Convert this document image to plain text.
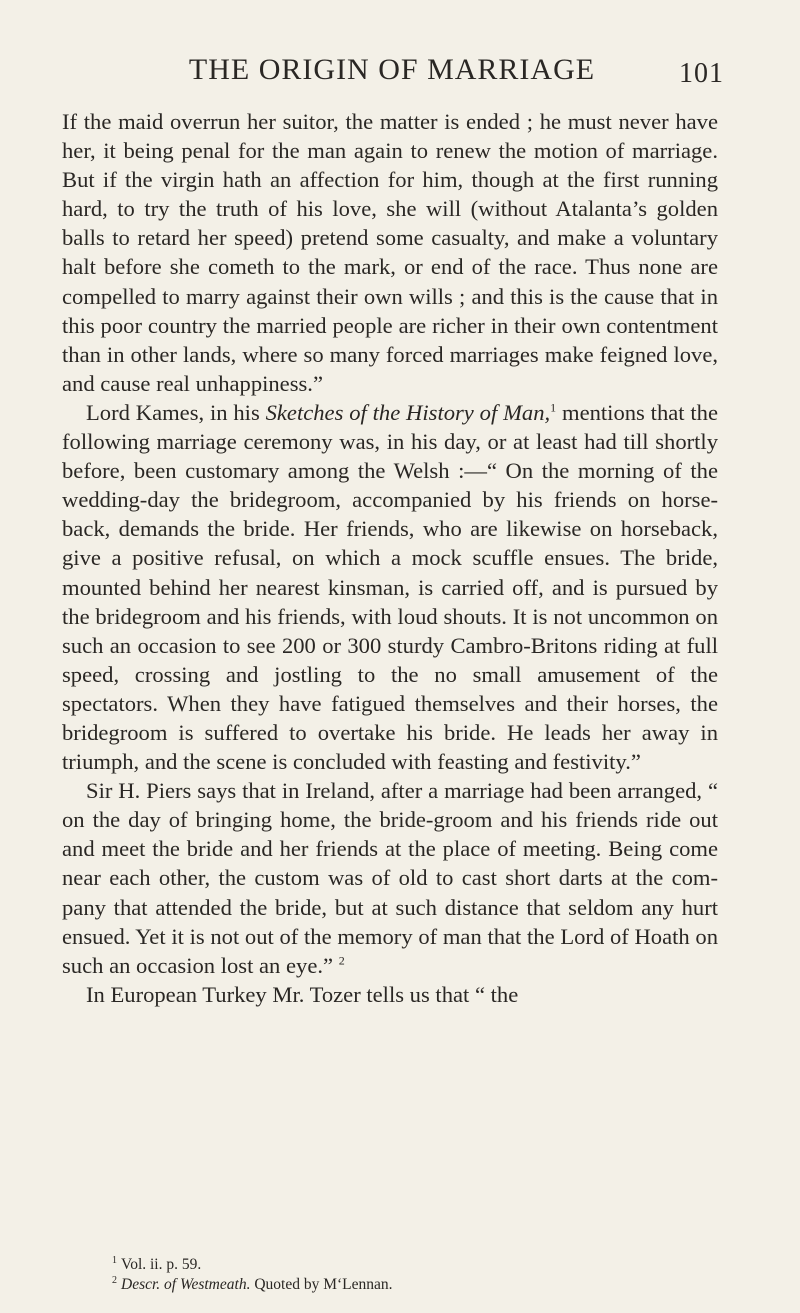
THE ORIGIN OF MARRIAGE	101

If the maid overrun her suitor, the matter is ended ; he must never have her, it being penal for the man again to renew the motion of marriage. But if the virgin hath an affection for him, though at the first running hard, to try the truth of his love, she will (without Atalanta’s golden balls to retard her speed) pretend some casualty, and make a voluntary halt before she cometh to the mark, or end of the race. Thus none are compelled to marry against their own wills ; and this is the cause that in this poor country the married people are richer in their own contentment than in other lands, where so many forced marriages make feigned love, and cause real unhappiness.”

Lord Kames, in his Sketches of the History of Man,$^1$ mentions that the following marriage ceremony was, in his day, or at least had till shortly before, been customary among the Welsh :—“ On the morning of the wedding-day the bridegroom, accompanied by his friends on horse-back, demands the bride. Her friends, who are likewise on horseback, give a positive refusal, on which a mock scuffle ensues. The bride, mounted behind her nearest kinsman, is carried off, and is pursued by the bridegroom and his friends, with loud shouts. It is not uncommon on such an occasion to see 200 or 300 sturdy Cambro-Britons riding at full speed, crossing and jostling to the no small amusement of the spectators. When they have fatigued themselves and their horses, the bridegroom is suffered to overtake his bride. He leads her away in triumph, and the scene is concluded with feasting and festivity.”

Sir H. Piers says that in Ireland, after a marriage had been arranged, “ on the day of bringing home, the bride-groom and his friends ride out and meet the bride and her friends at the place of meeting. Being come near each other, the custom was of old to cast short darts at the com-pany that attended the bride, but at such distance that seldom any hurt ensued. Yet it is not out of the memory of man that the Lord of Hoath on such an occasion lost an eye.” $^2$

In European Turkey Mr. Tozer tells us that “ the

$^1$ Vol. ii. p. 59.

$^2$ Descr. of Westmeath. Quoted by M‘Lennan.
